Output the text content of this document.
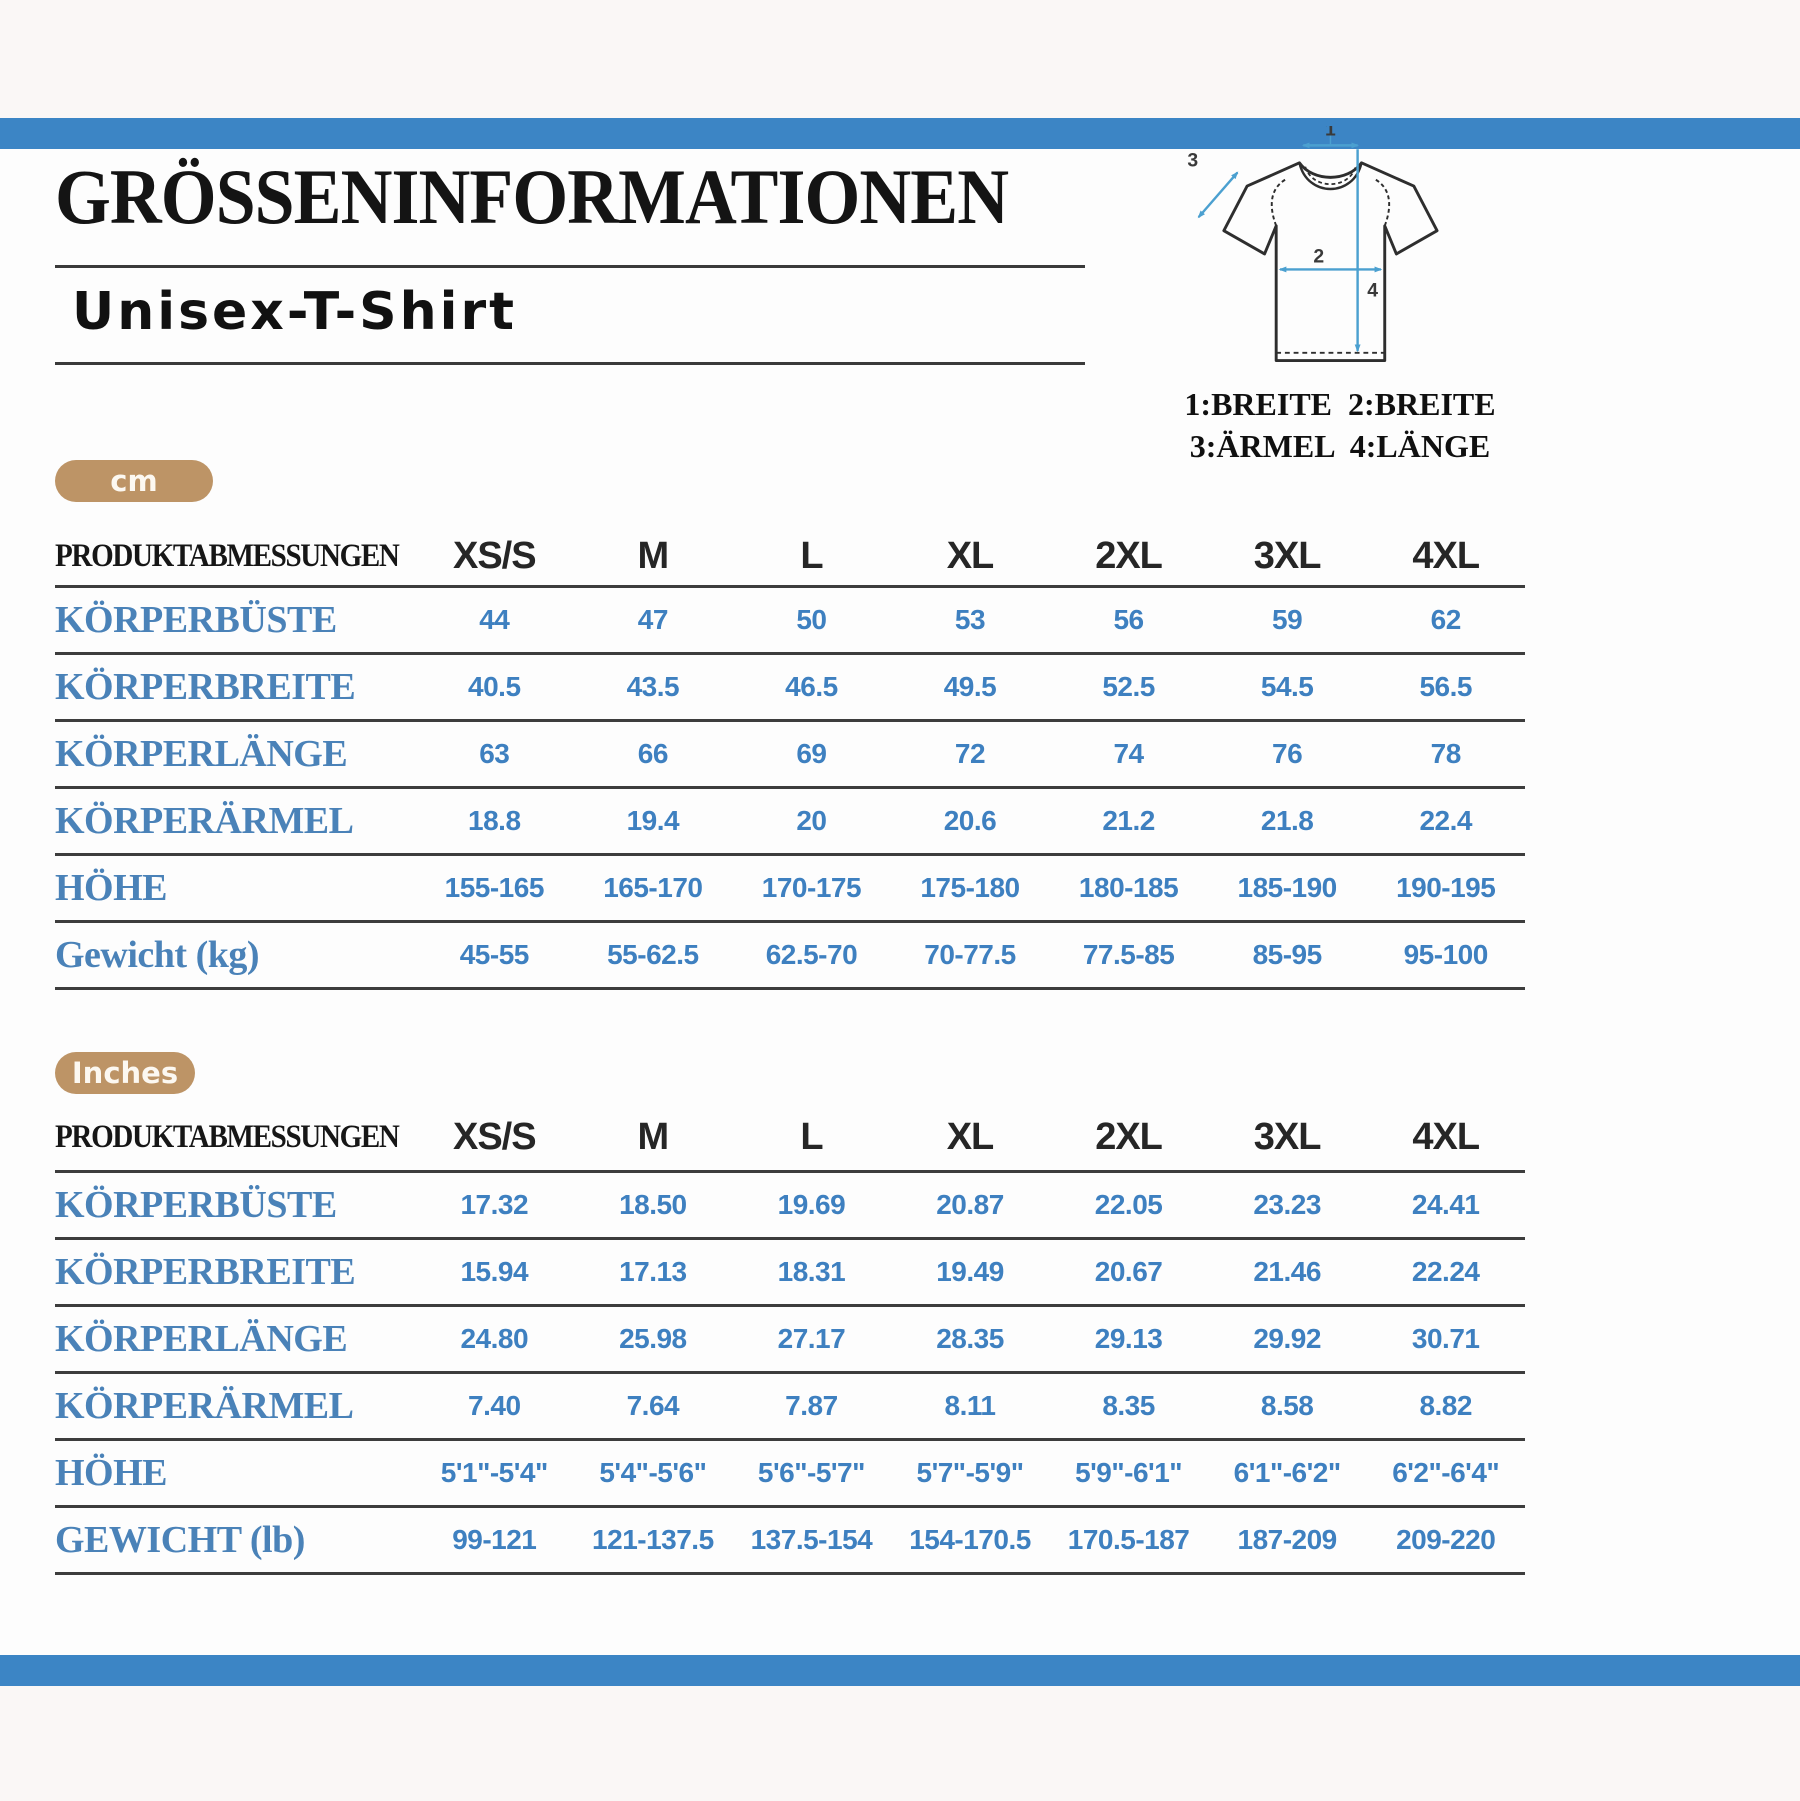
GRÖSSENINFORMATIONEN
Unisex-T-Shirt
1
3
2
4
1:BREITE  2:BREITE
3:ÄRMEL  4:LÄNGE
cm
PRODUKTABMESSUNGEN	XS/S	M	L	XL	2XL	3XL	4XL
KÖRPERBÜSTE	44	47	50	53	56	59	62
KÖRPERBREITE	40.5	43.5	46.5	49.5	52.5	54.5	56.5
KÖRPERLÄNGE	63	66	69	72	74	76	78
KÖRPERÄRMEL	18.8	19.4	20	20.6	21.2	21.8	22.4
HÖHE	155-165	165-170	170-175	175-180	180-185	185-190	190-195
Gewicht (kg)	45-55	55-62.5	62.5-70	70-77.5	77.5-85	85-95	95-100
Inches
PRODUKTABMESSUNGEN	XS/S	M	L	XL	2XL	3XL	4XL
KÖRPERBÜSTE	17.32	18.50	19.69	20.87	22.05	23.23	24.41
KÖRPERBREITE	15.94	17.13	18.31	19.49	20.67	21.46	22.24
KÖRPERLÄNGE	24.80	25.98	27.17	28.35	29.13	29.92	30.71
KÖRPERÄRMEL	7.40	7.64	7.87	8.11	8.35	8.58	8.82
HÖHE	5'1"-5'4"	5'4"-5'6"	5'6"-5'7"	5'7"-5'9"	5'9"-6'1"	6'1"-6'2"	6'2"-6'4"
GEWICHT (lb)	99-121	121-137.5	137.5-154	154-170.5	170.5-187	187-209	209-220
